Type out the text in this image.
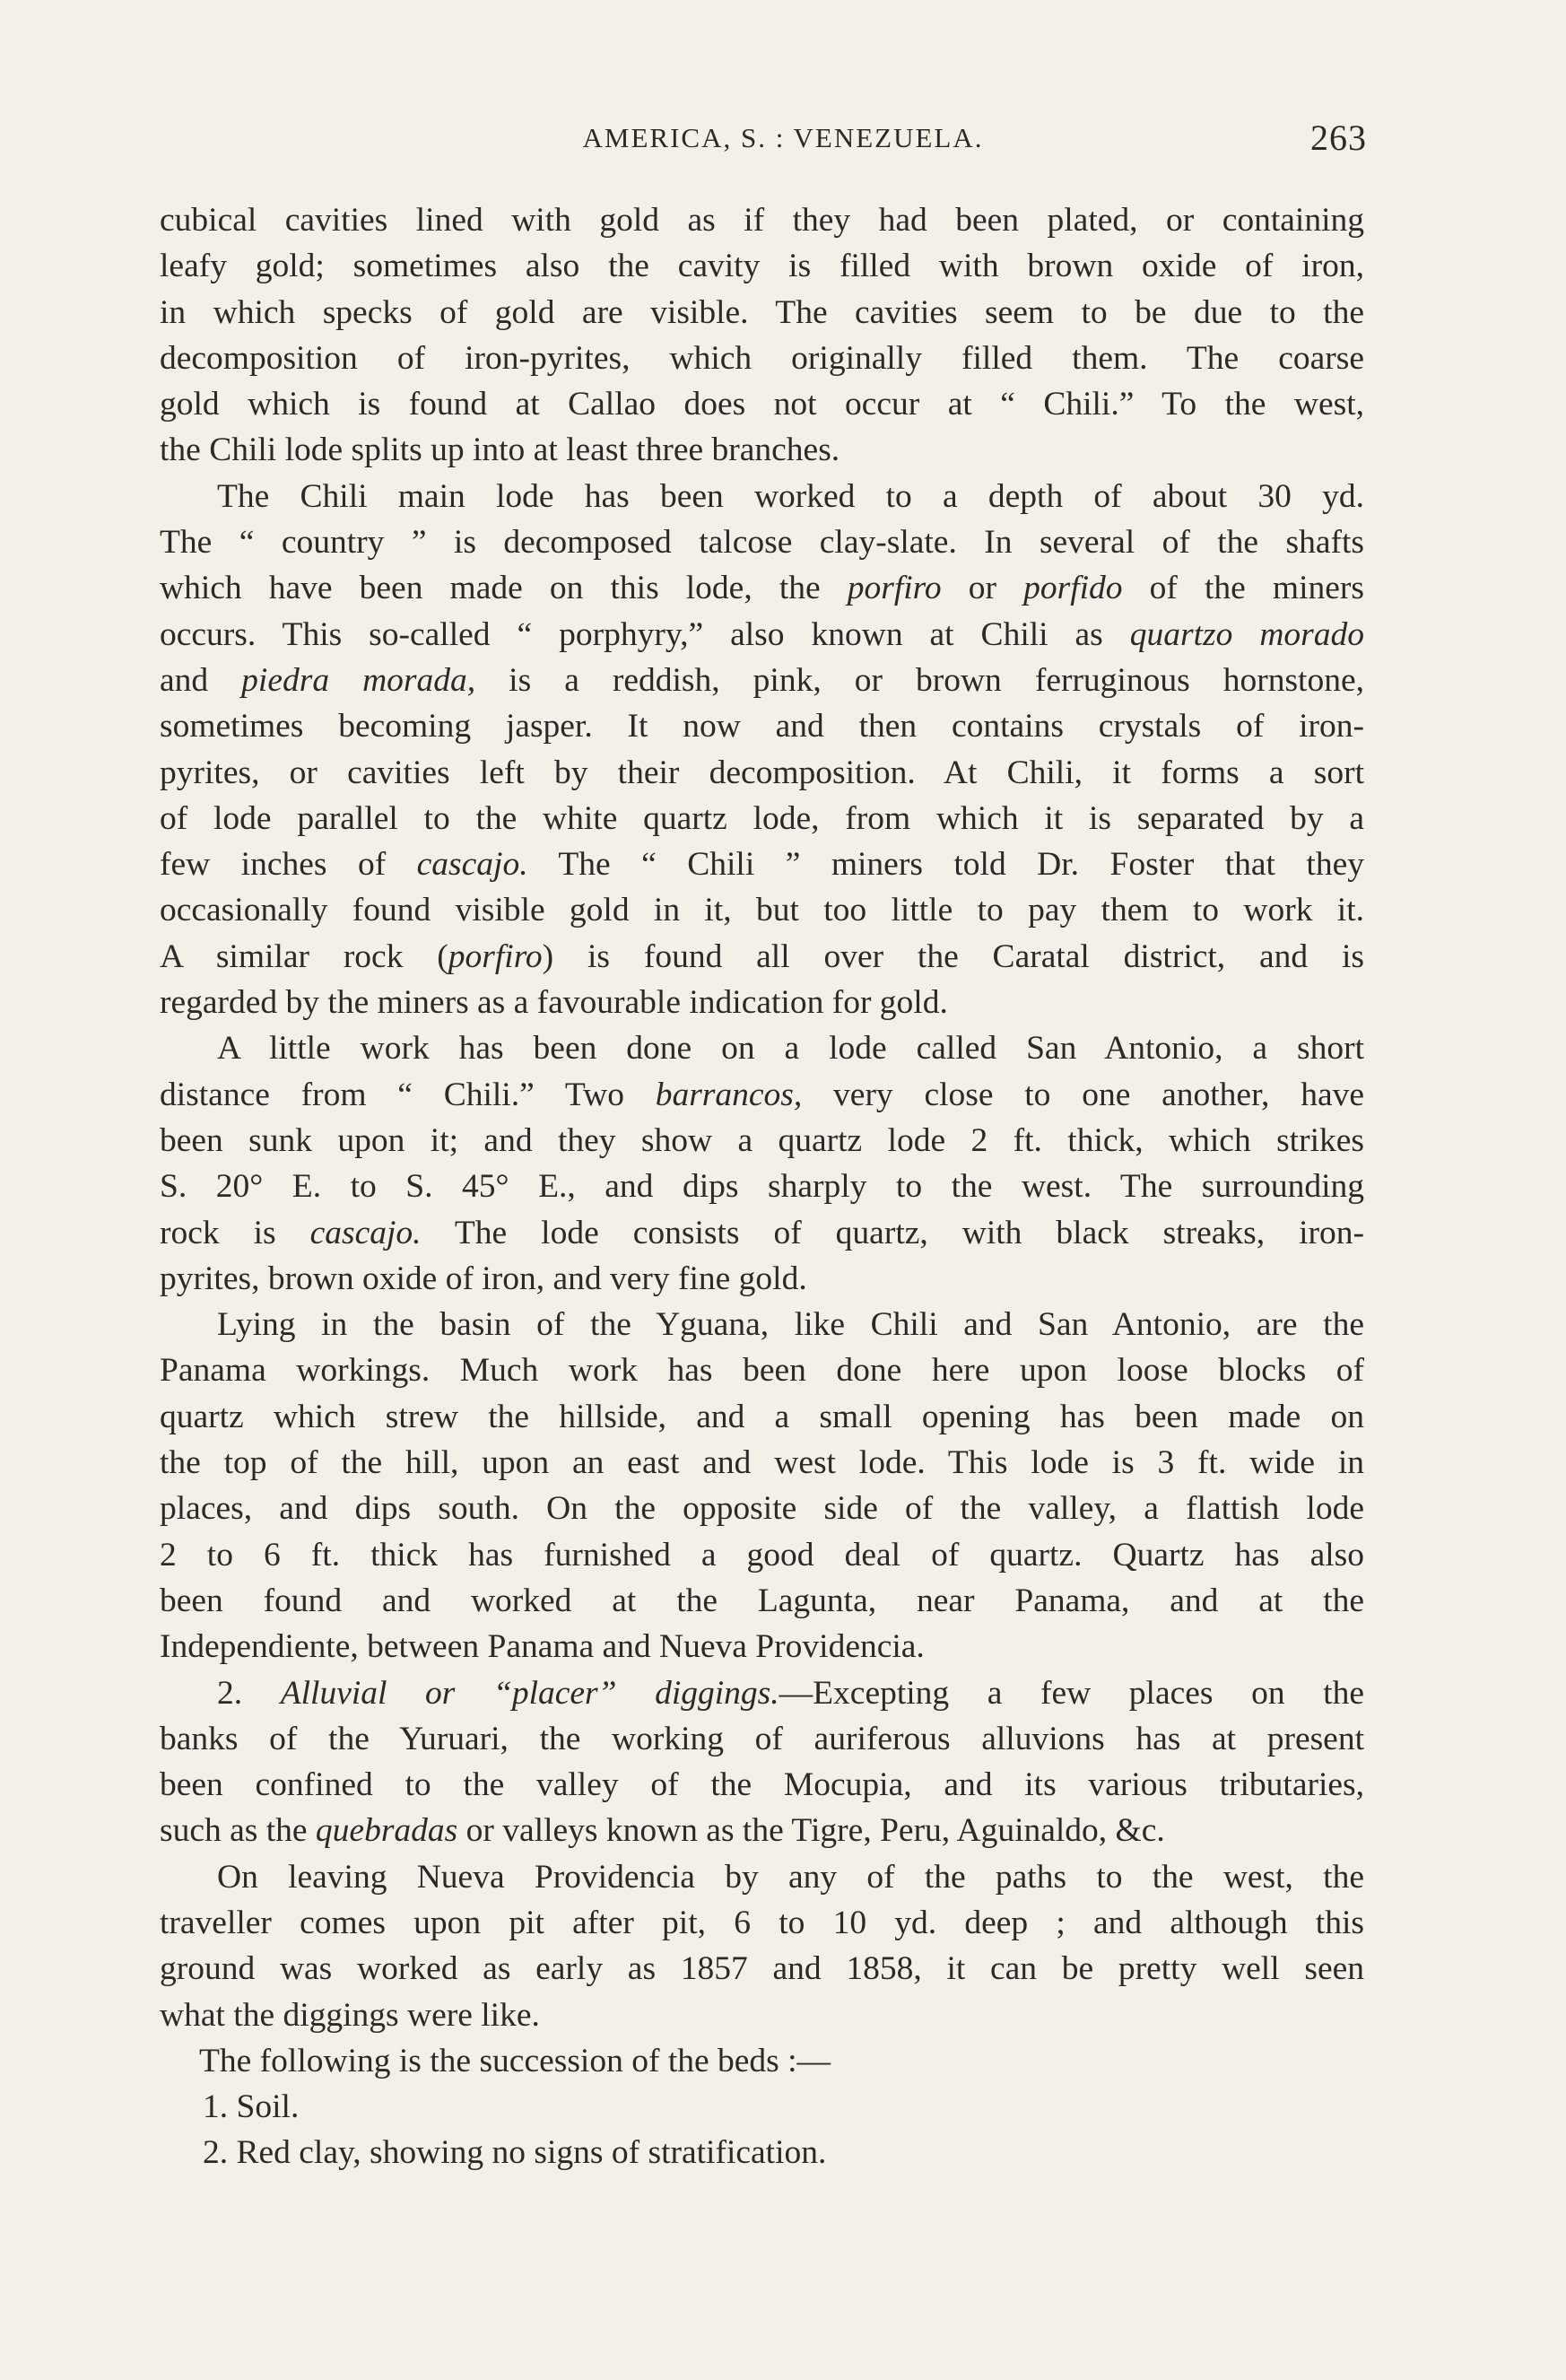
AMERICA, S. : VENEZUELA.	263
cubical cavities lined with gold as if they had been plated, or containing
leafy gold; sometimes also the cavity is filled with brown oxide of iron,
in which specks of gold are visible. The cavities seem to be due to the
decomposition of iron-pyrites, which originally filled them. The coarse
gold which is found at Callao does not occur at “ Chili.” To the west,
the Chili lode splits up into at least three branches.
The Chili main lode has been worked to a depth of about 30 yd.
The “ country ” is decomposed talcose clay-slate. In several of the shafts
which have been made on this lode, the porfiro or porfido of the miners
occurs. This so-called “ porphyry,” also known at Chili as quartzo morado
and piedra morada, is a reddish, pink, or brown ferruginous hornstone,
sometimes becoming jasper. It now and then contains crystals of iron-
pyrites, or cavities left by their decomposition. At Chili, it forms a sort
of lode parallel to the white quartz lode, from which it is separated by a
few inches of cascajo. The “ Chili ” miners told Dr. Foster that they
occasionally found visible gold in it, but too little to pay them to work it.
A similar rock (porfiro) is found all over the Caratal district, and is
regarded by the miners as a favourable indication for gold.
A little work has been done on a lode called San Antonio, a short
distance from “ Chili.” Two barrancos, very close to one another, have
been sunk upon it; and they show a quartz lode 2 ft. thick, which strikes
S. 20° E. to S. 45° E., and dips sharply to the west. The surrounding
rock is cascajo. The lode consists of quartz, with black streaks, iron-
pyrites, brown oxide of iron, and very fine gold.
Lying in the basin of the Yguana, like Chili and San Antonio, are the
Panama workings. Much work has been done here upon loose blocks of
quartz which strew the hillside, and a small opening has been made on
the top of the hill, upon an east and west lode. This lode is 3 ft. wide in
places, and dips south. On the opposite side of the valley, a flattish lode
2 to 6 ft. thick has furnished a good deal of quartz. Quartz has also
been found and worked at the Lagunta, near Panama, and at the
Independiente, between Panama and Nueva Providencia.
2. Alluvial or “placer” diggings.—Excepting a few places on the
banks of the Yuruari, the working of auriferous alluvions has at present
been confined to the valley of the Mocupia, and its various tributaries,
such as the quebradas or valleys known as the Tigre, Peru, Aguinaldo, &c.
On leaving Nueva Providencia by any of the paths to the west, the
traveller comes upon pit after pit, 6 to 10 yd. deep ; and although this
ground was worked as early as 1857 and 1858, it can be pretty well seen
what the diggings were like.
The following is the succession of the beds :—
1. Soil.
2. Red clay, showing no signs of stratification.
